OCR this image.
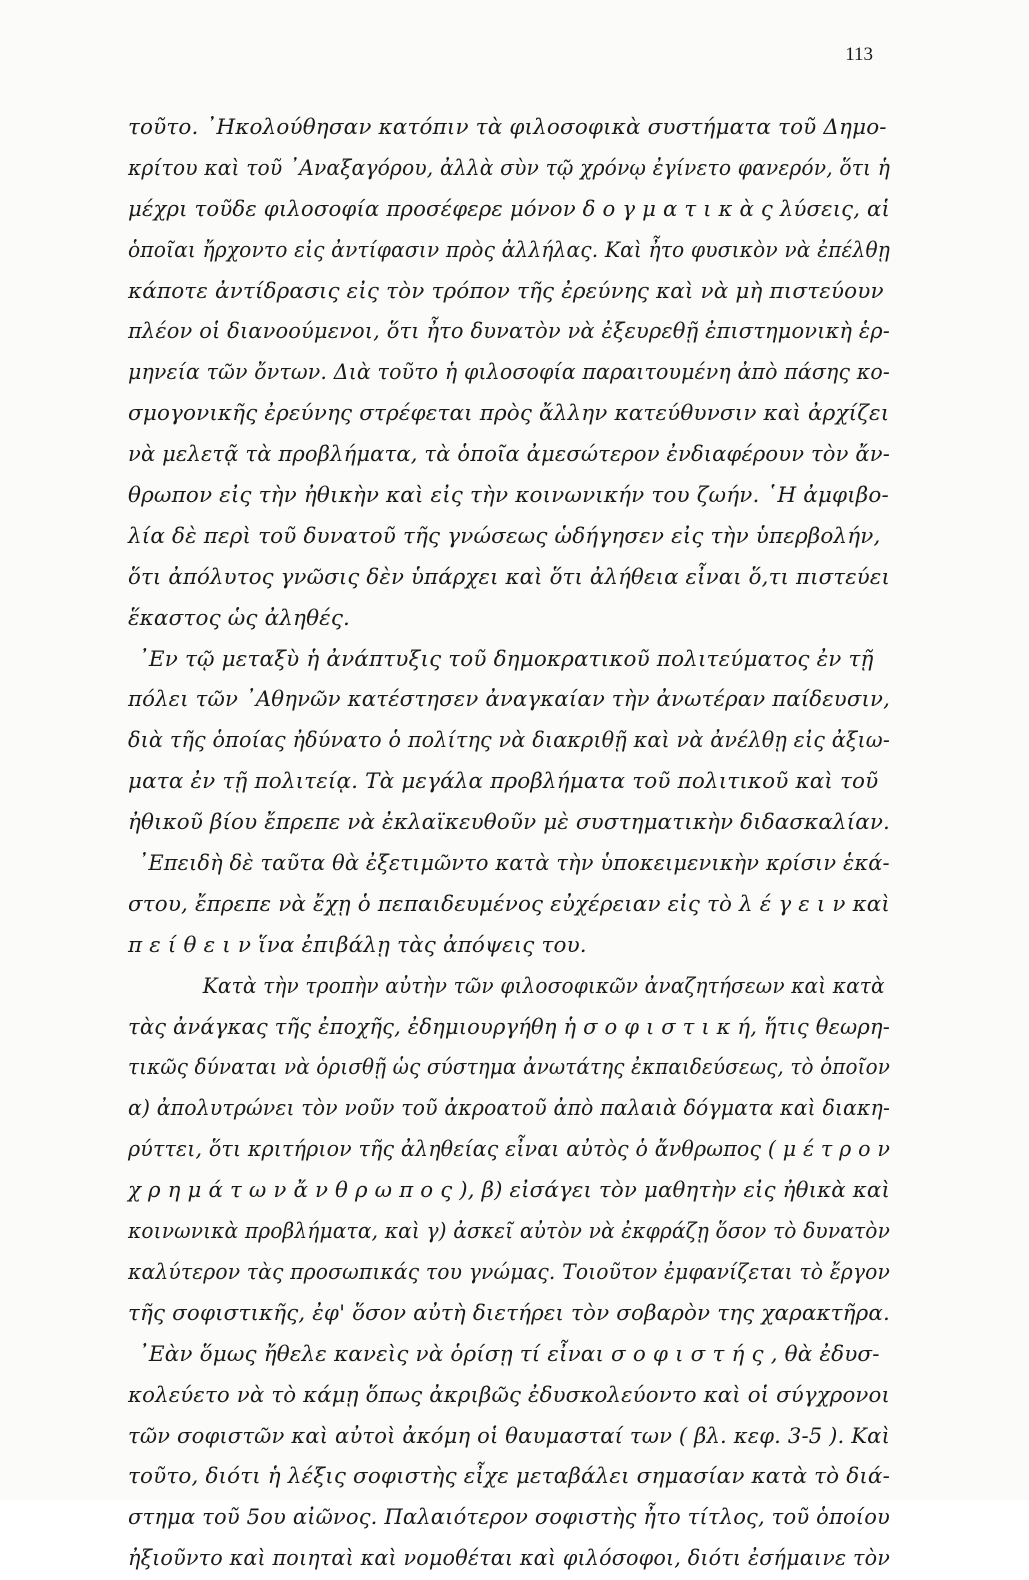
113
τοῦτο. ᾿Ηκολούθησαν κατόπιν τὰ φιλοσοφικὰ συστήματα τοῦ Δημο-
κρίτου καὶ τοῦ ᾿Αναξαγόρου, ἀλλὰ σὺν τῷ χρόνῳ ἐγίνετο φανερόν, ὅτι ἡ
μέχρι τοῦδε φιλοσοφία προσέφερε μόνον δ ο γ μ α τ ι κ ὰ ς λύσεις, αἱ
ὁποῖαι ἤρχοντο εἰς ἀντίφασιν πρὸς ἀλλήλας. Καὶ ἦτο φυσικὸν νὰ ἐπέλθῃ
κάποτε ἀντίδρασις εἰς τὸν τρόπον τῆς ἐρεύνης καὶ νὰ μὴ πιστεύουν
πλέον οἱ διανοούμενοι, ὅτι ἦτο δυνατὸν νὰ ἐξευρεθῇ ἐπιστημονικὴ ἑρ-
μηνεία τῶν ὄντων. Διὰ τοῦτο ἡ φιλοσοφία παραιτουμένη ἀπὸ πάσης κο-
σμογονικῆς ἐρεύνης στρέφεται πρὸς ἄλλην κατεύθυνσιν καὶ ἀρχίζει
νὰ μελετᾷ τὰ προβλήματα, τὰ ὁποῖα ἀμεσώτερον ἐνδιαφέρουν τὸν ἄν-
θρωπον εἰς τὴν ἠθικὴν καὶ εἰς τὴν κοινωνικήν του ζωήν. ῾Η ἀμφιβο-
λία δὲ περὶ τοῦ δυνατοῦ τῆς γνώσεως ὡδήγησεν εἰς τὴν ὑπερβολήν,
ὅτι ἀπόλυτος γνῶσις δὲν ὑπάρχει καὶ ὅτι ἀλήθεια εἶναι ὅ,τι πιστεύει
ἕκαστος ὡς ἀληθές.
᾿Εν τῷ μεταξὺ ἡ ἀνάπτυξις τοῦ δημοκρατικοῦ πολιτεύματος ἐν τῇ
πόλει τῶν ᾿Αθηνῶν κατέστησεν ἀναγκαίαν τὴν ἀνωτέραν παίδευσιν,
διὰ τῆς ὁποίας ἠδύνατο ὁ πολίτης νὰ διακριθῇ καὶ νὰ ἀνέλθῃ εἰς ἀξιω-
ματα ἐν τῇ πολιτείᾳ. Τὰ μεγάλα προβλήματα τοῦ πολιτικοῦ καὶ τοῦ
ἠθικοῦ βίου ἔπρεπε νὰ ἐκλαϊκευθοῦν μὲ συστηματικὴν διδασκαλίαν.
᾿Επειδὴ δὲ ταῦτα θὰ ἐξετιμῶντο κατὰ τὴν ὑποκειμενικὴν κρίσιν ἑκά-
στου, ἔπρεπε νὰ ἔχῃ ὁ πεπαιδευμένος εὐχέρειαν εἰς τὸ λ έ γ ε ι ν καὶ
π ε ί θ ε ι ν ἵνα ἐπιβάλῃ τὰς ἀπόψεις του.
Κατὰ τὴν τροπὴν αὐτὴν τῶν φιλοσοφικῶν ἀναζητήσεων καὶ κατὰ
τὰς ἀνάγκας τῆς ἐποχῆς, ἐδημιουργήθη ἡ σ ο φ ι σ τ ι κ ή, ἥτις θεωρη-
τικῶς δύναται νὰ ὁρισθῇ ὡς σύστημα ἀνωτάτης ἐκπαιδεύσεως, τὸ ὁποῖον
α) ἀπολυτρώνει τὸν νοῦν τοῦ ἀκροατοῦ ἀπὸ παλαιὰ δόγματα καὶ διακη-
ρύττει, ὅτι κριτήριον τῆς ἀληθείας εἶναι αὐτὸς ὁ ἄνθρωπος ( μ έ τ ρ ο ν
χ ρ η μ ά τ ω ν ἄ ν θ ρ ω π ο ς ), β) εἰσάγει τὸν μαθητὴν εἰς ἠθικὰ καὶ
κοινωνικὰ προβλήματα, καὶ γ) ἀσκεῖ αὐτὸν νὰ ἐκφράζῃ ὅσον τὸ δυνατὸν
καλύτερον τὰς προσωπικάς του γνώμας. Τοιοῦτον ἐμφανίζεται τὸ ἔργον
τῆς σοφιστικῆς, ἐφ' ὅσον αὐτὴ διετήρει τὸν σοβαρὸν της χαρακτῆρα.
᾿Εὰν ὅμως ἤθελε κανεὶς νὰ ὁρίσῃ τί εἶναι σ ο φ ι σ τ ή ς , θὰ ἐδυσ-
κολεύετο νὰ τὸ κάμῃ ὅπως ἀκριβῶς ἐδυσκολεύοντο καὶ οἱ σύγχρονοι
τῶν σοφιστῶν καὶ αὐτοὶ ἀκόμη οἱ θαυμασταί των ( βλ. κεφ. 3-5 ). Καὶ
τοῦτο, διότι ἡ λέξις σοφιστὴς εἶχε μεταβάλει σημασίαν κατὰ τὸ διά-
στημα τοῦ 5ου αἰῶνος. Παλαιότερον σοφιστὴς ἦτο τίτλος, τοῦ ὁποίου
ἠξιοῦντο καὶ ποιηταὶ καὶ νομοθέται καὶ φιλόσοφοι, διότι ἐσήμαινε τὸν
